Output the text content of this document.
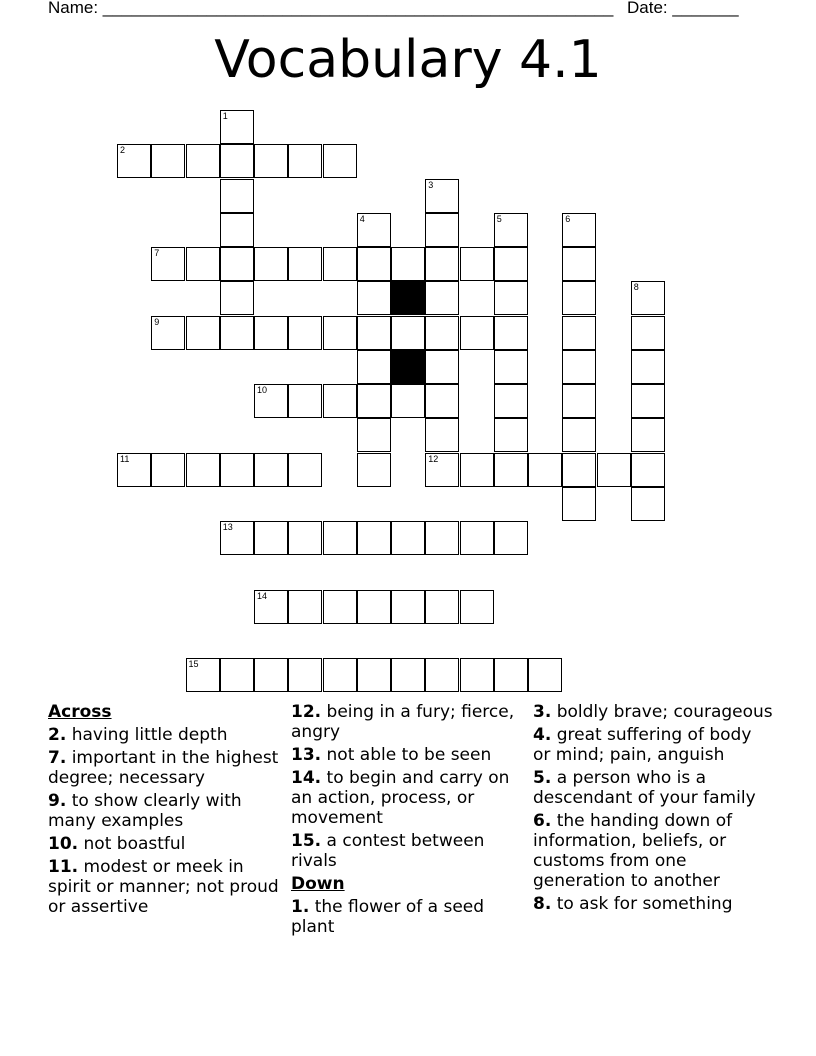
Name: ______________________________________________________ Date: _______
Vocabulary 4.1
1
2
3
4	5	6
7
8
9
10
11	12
13
14
15
Across
2. having little depth
7. important in the highest degree; necessary
9. to show clearly with many examples
10. not boastful
11. modest or meek in spirit or manner; not proud or assertive
12. being in a fury; fierce, angry
13. not able to be seen
14. to begin and carry on an action, process, or movement
15. a contest between rivals
Down
1. the flower of a seed plant
3. boldly brave; courageous
4. great suffering of body or mind; pain, anguish
5. a person who is a descendant of your family
6. the handing down of information, beliefs, or customs from one generation to another
8. to ask for something
